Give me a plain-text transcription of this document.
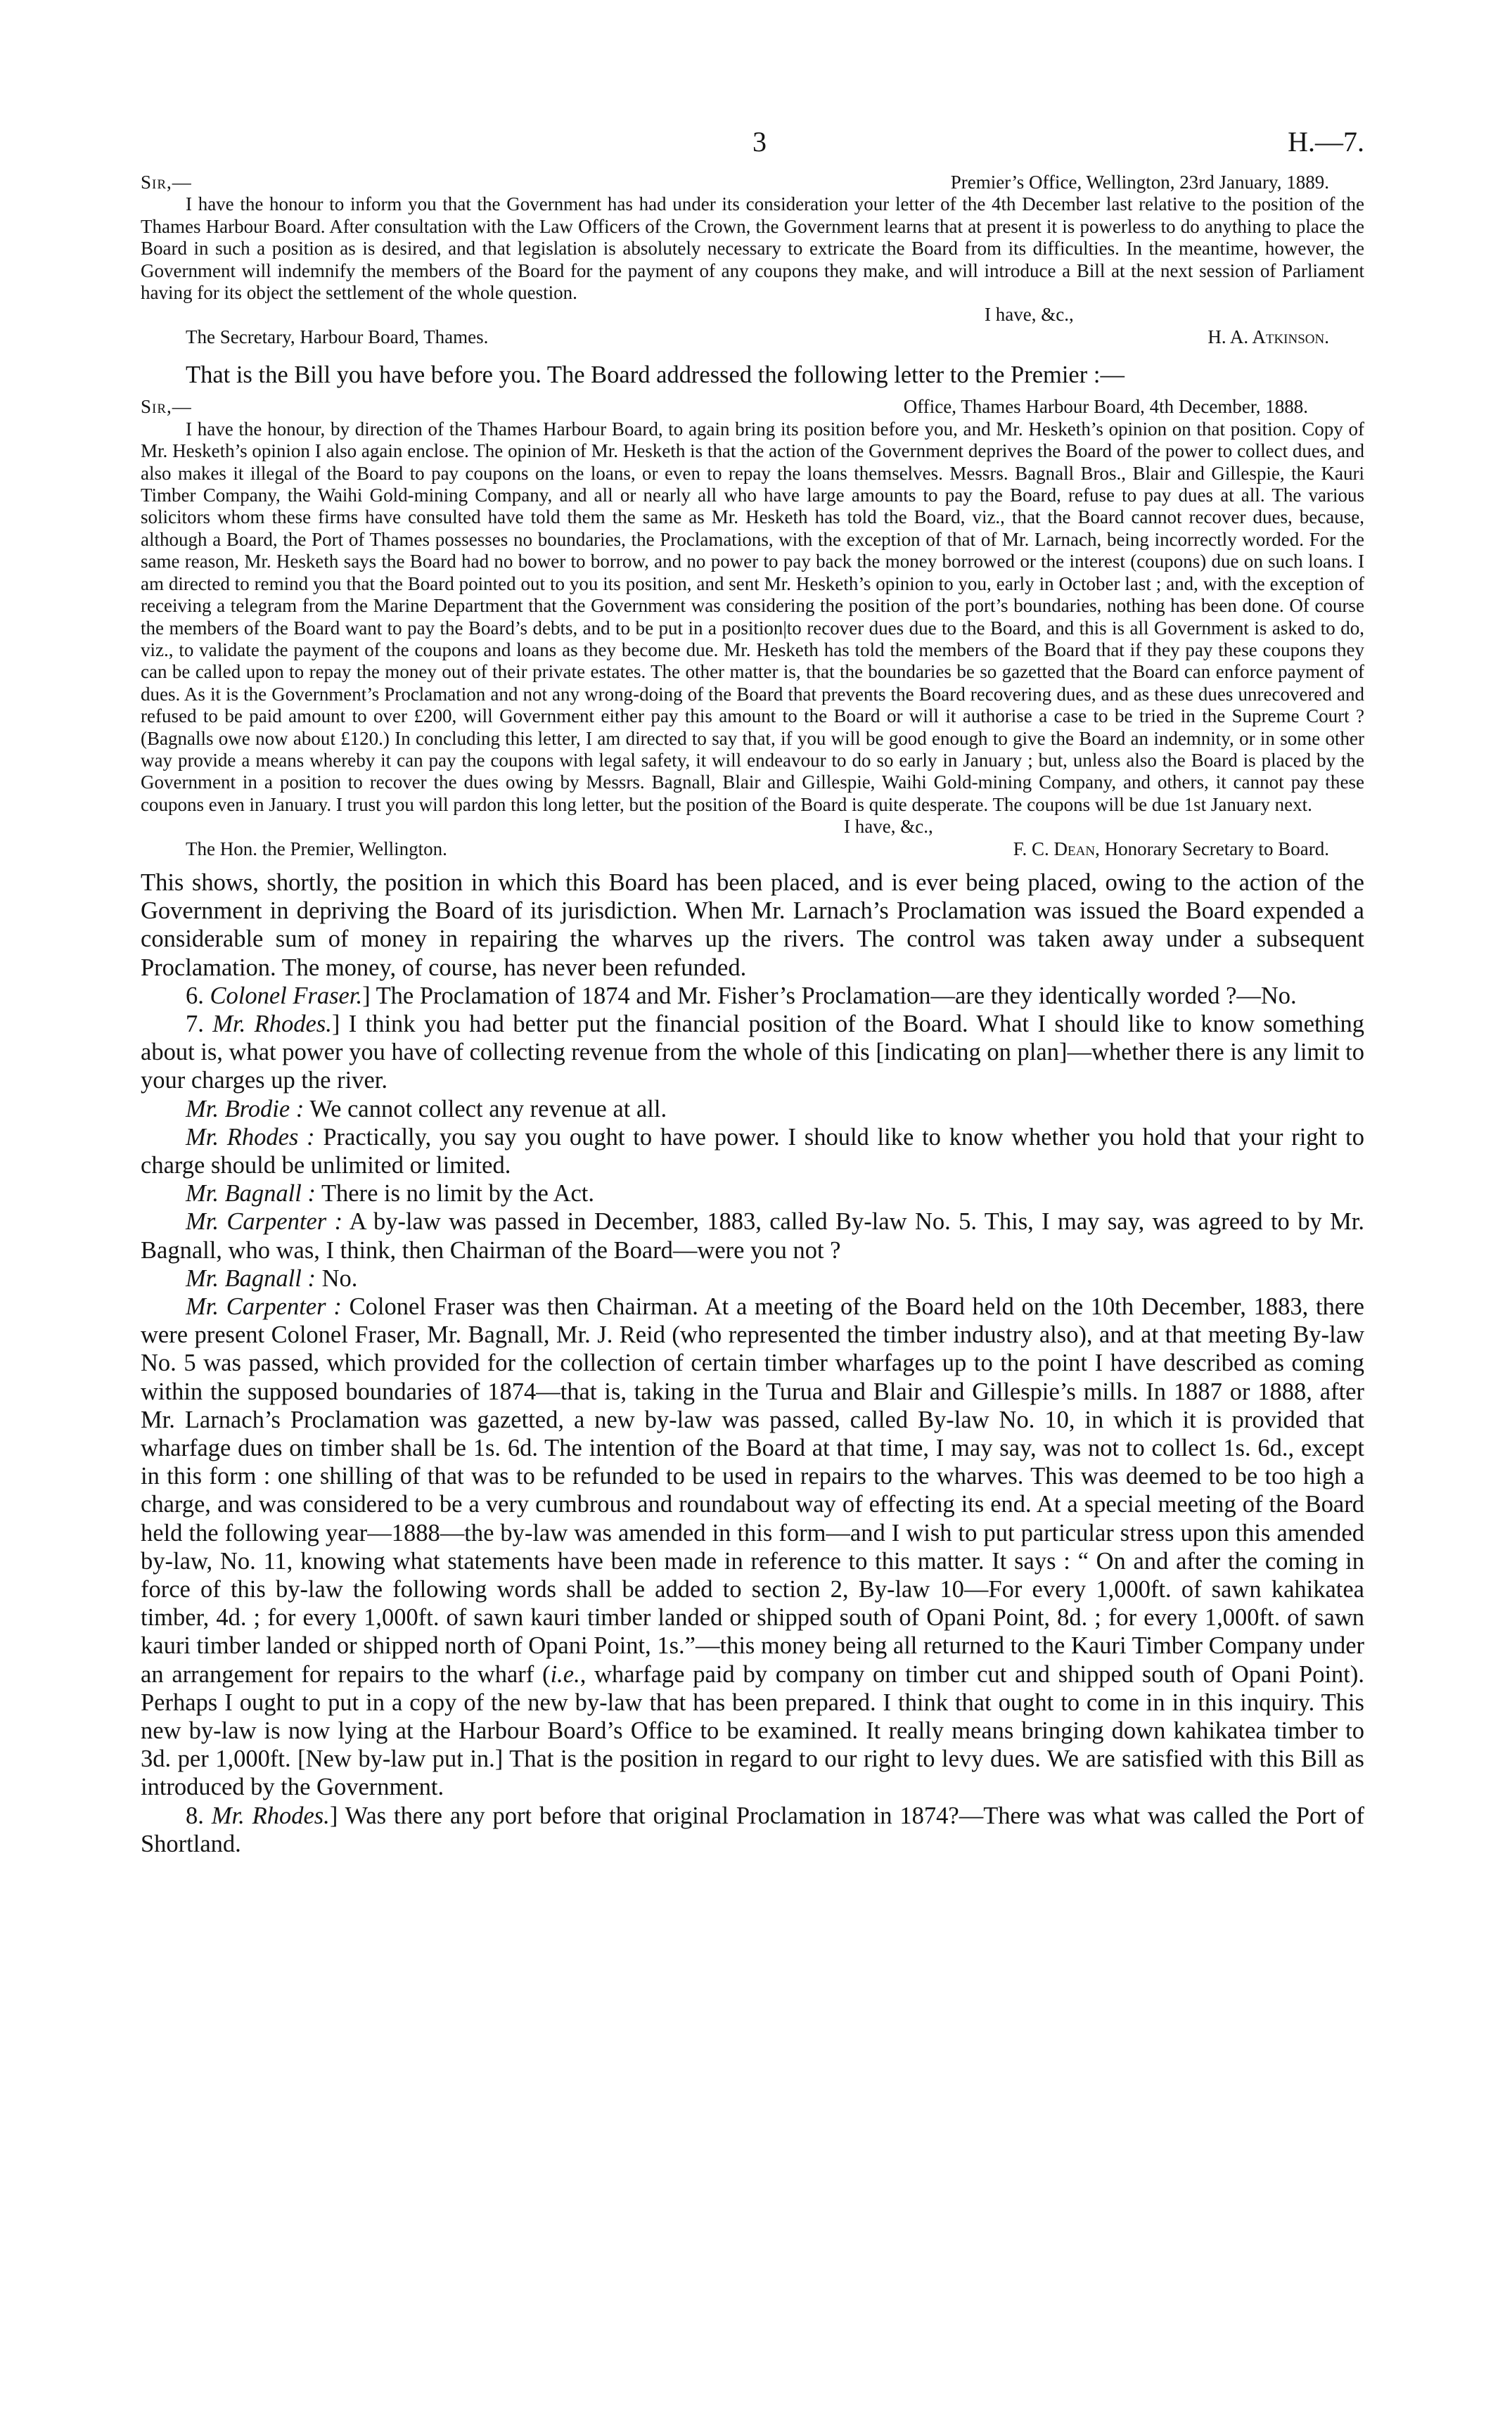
3	H.—7.
Sir,—	Premier’s Office, Wellington, 23rd January, 1889.

I have the honour to inform you that the Government has had under its consideration your letter of the 4th December last relative to the position of the Thames Harbour Board. After consultation with the Law Officers of the Crown, the Government learns that at present it is powerless to do anything to place the Board in such a position as is desired, and that legislation is absolutely necessary to extricate the Board from its difficulties. In the meantime, however, the Government will indemnify the members of the Board for the payment of any coupons they make, and will introduce a Bill at the next session of Parliament having for its object the settlement of the whole question.

I have, &c.,

The Secretary, Harbour Board, Thames.	H. A. Atkinson.

That is the Bill you have before you. The Board addressed the following letter to the Premier :—

Sir,—	Office, Thames Harbour Board, 4th December, 1888.

I have the honour, by direction of the Thames Harbour Board, to again bring its position before you, and Mr. Hesketh’s opinion on that position. Copy of Mr. Hesketh’s opinion I also again enclose. The opinion of Mr. Hesketh is that the action of the Government deprives the Board of the power to collect dues, and also makes it illegal of the Board to pay coupons on the loans, or even to repay the loans themselves. Messrs. Bagnall Bros., Blair and Gillespie, the Kauri Timber Company, the Waihi Gold-mining Company, and all or nearly all who have large amounts to pay the Board, refuse to pay dues at all. The various solicitors whom these firms have consulted have told them the same as Mr. Hesketh has told the Board, viz., that the Board cannot recover dues, because, although a Board, the Port of Thames possesses no boundaries, the Proclamations, with the exception of that of Mr. Larnach, being incorrectly worded. For the same reason, Mr. Hesketh says the Board had no bower to borrow, and no power to pay back the money borrowed or the interest (coupons) due on such loans. I am directed to remind you that the Board pointed out to you its position, and sent Mr. Hesketh’s opinion to you, early in October last ; and, with the exception of receiving a telegram from the Marine Department that the Government was considering the position of the port’s boundaries, nothing has been done. Of course the members of the Board want to pay the Board’s debts, and to be put in a position|to recover dues due to the Board, and this is all Government is asked to do, viz., to validate the payment of the coupons and loans as they become due. Mr. Hesketh has told the members of the Board that if they pay these coupons they can be called upon to repay the money out of their private estates. The other matter is, that the boundaries be so gazetted that the Board can enforce payment of dues. As it is the Government’s Proclamation and not any wrong-doing of the Board that prevents the Board recovering dues, and as these dues unrecovered and refused to be paid amount to over £200, will Government either pay this amount to the Board or will it authorise a case to be tried in the Supreme Court ? (Bagnalls owe now about £120.) In concluding this letter, I am directed to say that, if you will be good enough to give the Board an indemnity, or in some other way provide a means whereby it can pay the coupons with legal safety, it will endeavour to do so early in January ; but, unless also the Board is placed by the Government in a position to recover the dues owing by Messrs. Bagnall, Blair and Gillespie, Waihi Gold-mining Company, and others, it cannot pay these coupons even in January. I trust you will pardon this long letter, but the position of the Board is quite desperate. The coupons will be due 1st January next.

I have, &c.,

The Hon. the Premier, Wellington.	F. C. Dean, Honorary Secretary to Board.

This shows, shortly, the position in which this Board has been placed, and is ever being placed, owing to the action of the Government in depriving the Board of its jurisdiction. When Mr. Larnach’s Proclamation was issued the Board expended a considerable sum of money in repairing the wharves up the rivers. The control was taken away under a subsequent Proclamation. The money, of course, has never been refunded.

6. Colonel Fraser.] The Proclamation of 1874 and Mr. Fisher’s Proclamation—are they identically worded ?—No.

7. Mr. Rhodes.] I think you had better put the financial position of the Board. What I should like to know something about is, what power you have of collecting revenue from the whole of this [indicating on plan]—whether there is any limit to your charges up the river.

Mr. Brodie : We cannot collect any revenue at all.

Mr. Rhodes : Practically, you say you ought to have power. I should like to know whether you hold that your right to charge should be unlimited or limited.

Mr. Bagnall : There is no limit by the Act.

Mr. Carpenter : A by-law was passed in December, 1883, called By-law No. 5. This, I may say, was agreed to by Mr. Bagnall, who was, I think, then Chairman of the Board—were you not ?

Mr. Bagnall : No.

Mr. Carpenter : Colonel Fraser was then Chairman. At a meeting of the Board held on the 10th December, 1883, there were present Colonel Fraser, Mr. Bagnall, Mr. J. Reid (who represented the timber industry also), and at that meeting By-law No. 5 was passed, which provided for the collection of certain timber wharfages up to the point I have described as coming within the supposed boundaries of 1874—that is, taking in the Turua and Blair and Gillespie’s mills. In 1887 or 1888, after Mr. Larnach’s Proclamation was gazetted, a new by-law was passed, called By-law No. 10, in which it is provided that wharfage dues on timber shall be 1s. 6d. The intention of the Board at that time, I may say, was not to collect 1s. 6d., except in this form : one shilling of that was to be refunded to be used in repairs to the wharves. This was deemed to be too high a charge, and was considered to be a very cumbrous and roundabout way of effecting its end. At a special meeting of the Board held the following year—1888—the by-law was amended in this form—and I wish to put particular stress upon this amended by-law, No. 11, knowing what statements have been made in reference to this matter. It says : “ On and after the coming in force of this by-law the following words shall be added to section 2, By-law 10—For every 1,000ft. of sawn kahikatea timber, 4d. ; for every 1,000ft. of sawn kauri timber landed or shipped south of Opani Point, 8d. ; for every 1,000ft. of sawn kauri timber landed or shipped north of Opani Point, 1s.”—this money being all returned to the Kauri Timber Company under an arrangement for repairs to the wharf (i.e., wharfage paid by company on timber cut and shipped south of Opani Point). Perhaps I ought to put in a copy of the new by-law that has been prepared. I think that ought to come in in this inquiry. This new by-law is now lying at the Harbour Board’s Office to be examined. It really means bringing down kahikatea timber to 3d. per 1,000ft. [New by-law put in.] That is the position in regard to our right to levy dues. We are satisfied with this Bill as introduced by the Government.

8. Mr. Rhodes.] Was there any port before that original Proclamation in 1874?—There was what was called the Port of Shortland.
